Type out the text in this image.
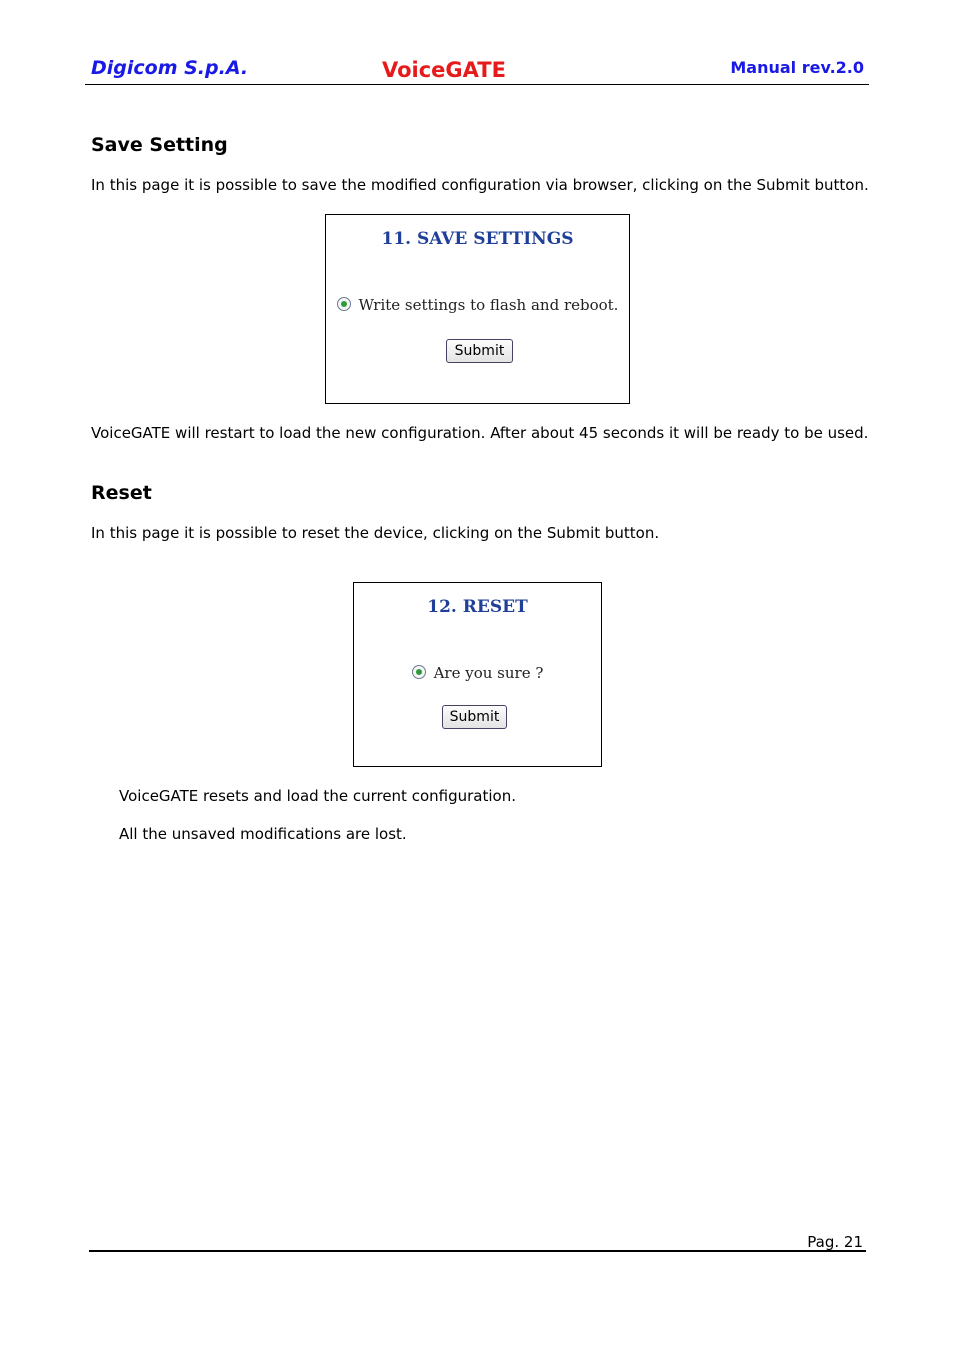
Digicom S.p.A.	VoiceGATE	Manual rev.2.0
Save Setting
In this page it is possible to save the modified configuration via browser, clicking on the Submit button.
11. SAVE SETTINGS
Write settings to flash and reboot.
Submit
VoiceGATE will restart to load the new configuration. After about 45 seconds it will be ready to be used.
Reset
In this page it is possible to reset the device, clicking on the Submit button.
12. RESET
Are you sure ?
Submit
VoiceGATE resets and load the current configuration.
All the unsaved modifications are lost.
Pag. 21
